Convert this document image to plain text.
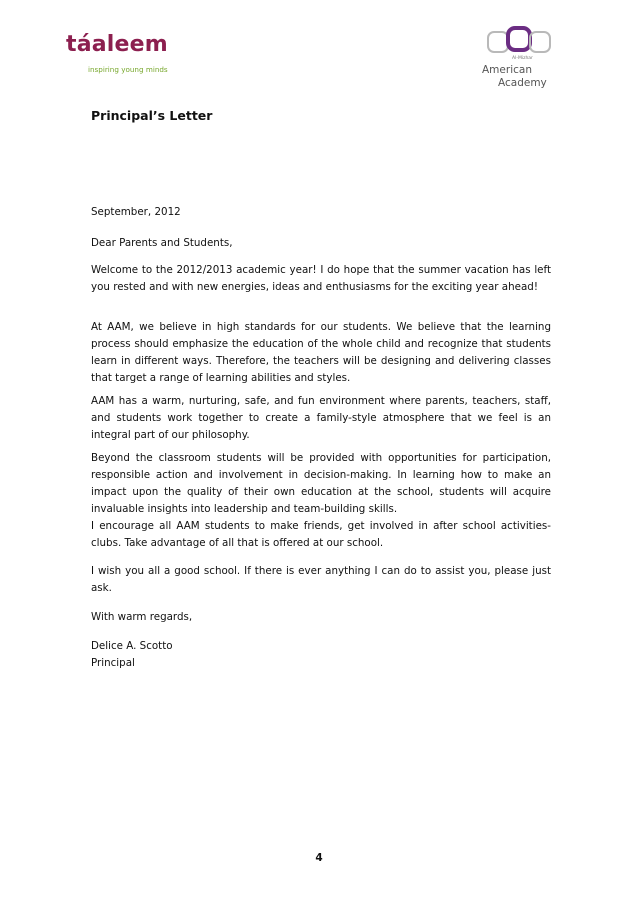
táaleem
inspiring young minds
Al-Mizhar
American
Academy
Principal’s Letter
September, 2012
Dear Parents and Students,
Welcome to the 2012/2013 academic year! I do hope that the summer vacation has left you rested and with new energies, ideas and enthusiasms for the exciting year ahead!
At AAM, we believe in high standards for our students. We believe that the learning process should emphasize the education of the whole child and recognize that students learn in different ways. Therefore, the teachers will be designing and delivering classes that target a range of learning abilities and styles.
AAM has a warm, nurturing, safe, and fun environment where parents, teachers, staff, and students work together to create a family-style atmosphere that we feel is an integral part of our philosophy.
Beyond the classroom students will be provided with opportunities for participation, responsible action and involvement in decision-making. In learning how to make an impact upon the quality of their own education at the school, students will acquire invaluable insights into leadership and team-building skills.
I encourage all AAM students to make friends, get involved in after school activities-clubs. Take advantage of all that is offered at our school.
I wish you all a good school. If there is ever anything I can do to assist you, please just ask.
With warm regards,
Delice A. Scotto
Principal
4
